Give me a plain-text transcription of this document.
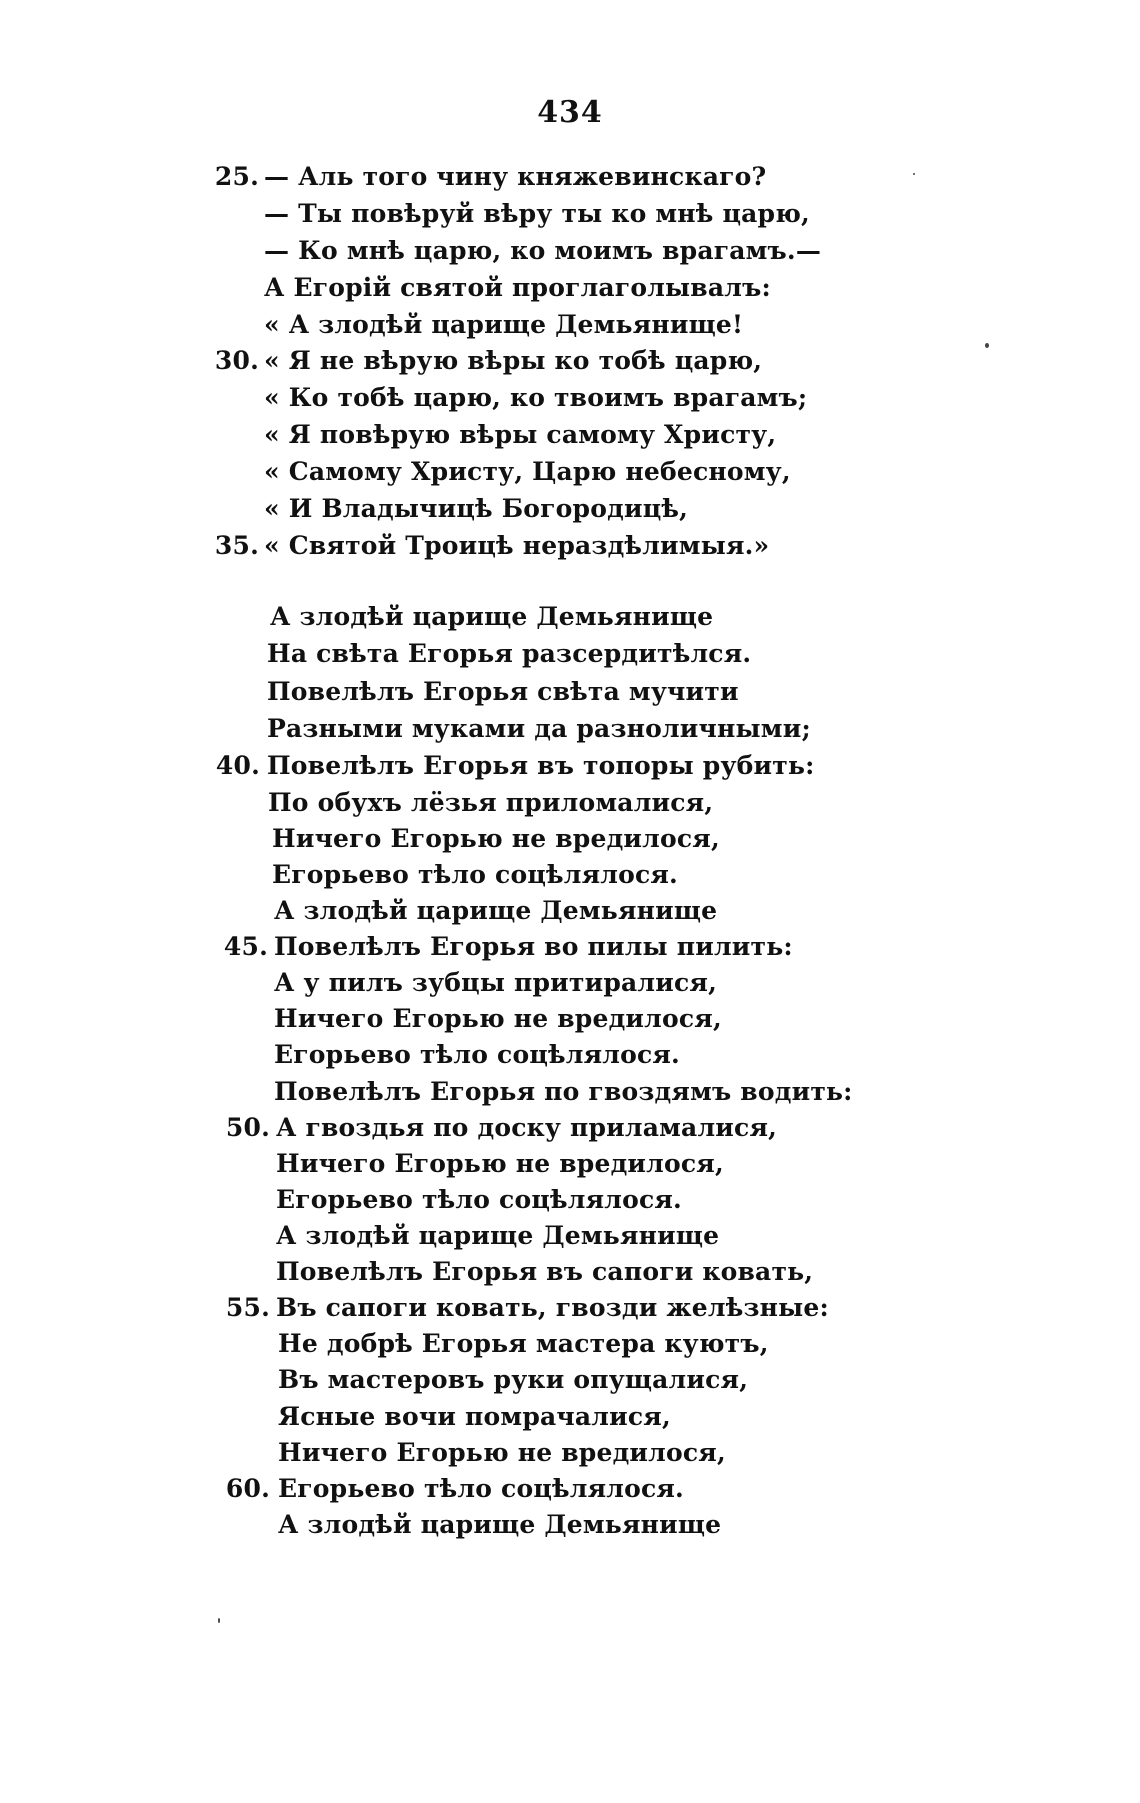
434
25. — Аль того чину княжевинскаго?
— Ты повѣруй вѣру ты ко мнѣ царю,
— Ко мнѣ царю, ко моимъ врагамъ.—
А Егорій святой проглаголывалъ:
« А злодѣй царище Демьянище!
30. « Я не вѣрую вѣры ко тобѣ царю,
« Ко тобѣ царю, ко твоимъ врагамъ;
« Я повѣрую вѣры самому Христу,
« Самому Христу, Царю небесному,
« И Владычицѣ Богородицѣ,
35. « Святой Троицѣ нераздѣлимыя.»
А злодѣй царище Демьянище
На свѣта Егорья разсердитѣлся.
Повелѣлъ Егорья свѣта мучити
Разными муками да разноличными;
40. Повелѣлъ Егорья въ топоры рубить:
По обухъ лёзья приломалися,
Ничего Егорью не вредилося,
Егорьево тѣло соцѣлялося.
А злодѣй царище Демьянище
45. Повелѣлъ Егорья во пилы пилить:
А у пилъ зубцы притиралися,
Ничего Егорью не вредилося,
Егорьево тѣло соцѣлялося.
Повелѣлъ Егорья по гвоздямъ водить:
50. А гвоздья по доску приламалися,
Ничего Егорью не вредилося,
Егорьево тѣло соцѣлялося.
А злодѣй царище Демьянище
Повелѣлъ Егорья въ сапоги ковать,
55. Въ сапоги ковать, гвозди желѣзные:
Не добрѣ Егорья мастера куютъ,
Въ мастеровъ руки опущалися,
Ясные вочи помрачалися,
Ничего Егорью не вредилося,
60. Егорьево тѣло соцѣлялося.
А злодѣй царище Демьянище
